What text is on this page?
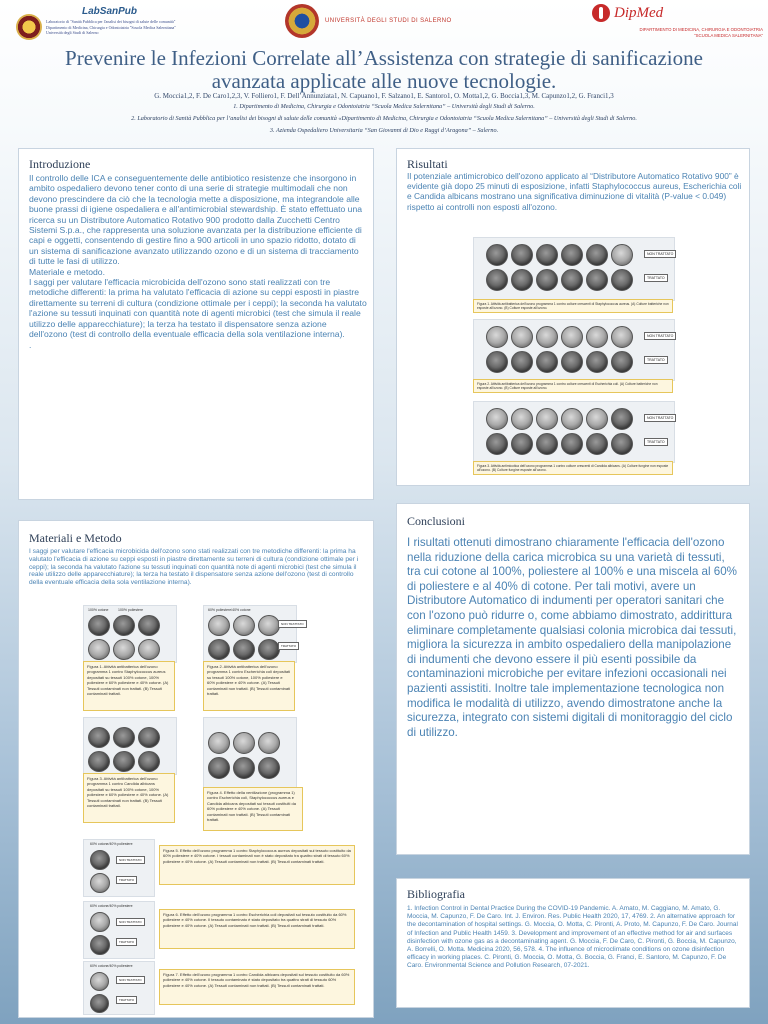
LabSanPub
Laboratorio di "Sanità Pubblica per l'analisi dei bisogni di salute delle comunità"
Dipartimento di Medicina, Chirurgia e Odontoiatria "Scuola Medica Salernitana"
Università degli Studi di Salerno
UNIVERSITÀ DEGLI STUDI DI SALERNO	DipMed
DIPARTIMENTO DI MEDICINA, CHIRURGIA E ODONTOIATRIA
"SCUOLA MEDICA SALERNITANA"
Prevenire le Infezioni Correlate all’Assistenza con strategie di sanificazione avanzata applicate alle nuove tecnologie.
G. Moccia1,2, F. De Caro1,2,3, V. Folliero1, F. Dell’Annunziata1, N. Capuano1, F. Salzano1, E. Santoro1, O. Motta1,2, G. Boccia1,3, M. Capunzo1,2, G. Franci1,3
1. Dipartimento di Medicina, Chirurgia e Odontoiatria “Scuola Medica Salernitana” – Università degli Studi di Salerno.
2. Laboratorio di Sanità Pubblica per l’analisi dei bisogni di salute delle comunità «Dipartimento di Medicina, Chirurgia e Odontoiatria “Scuola Medica Salernitana” – Università degli Studi di Salerno.
3. Azienda Ospedaliero Universitaria “San Giovanni di Dio e Ruggi d’Aragona” – Salerno.
Introduzione
Il controllo delle ICA e conseguentemente delle antibiotico resistenze che insorgono in ambito ospedaliero devono tener conto di una serie di strategie multimodali che non devono prescindere da ciò che la tecnologia mette a disposizione, ma integrandole alle buone prassi di igiene ospedaliera e all'antimicrobial stewardship. È stato effettuato una ricerca su un Distributore Automatico Rotativo 900 prodotto dalla Zucchetti Centro Sistemi S.p.a., che rappresenta una soluzione avanzata per la distribuzione efficiente di capi e oggetti, consentendo di gestire fino a 900 articoli in uno spazio ridotto, dotato di un sistema di sanificazione avanzato utilizzando ozono e di un sistema di tracciamento di tutte le fasi di utilizzo.
Materiale e metodo.
I saggi per valutare l'efficacia microbicida dell'ozono sono stati realizzati con tre metodiche differenti: la prima ha valutato l'efficacia di azione su ceppi esposti in piastre direttamente su terreni di cultura (condizione ottimale per i ceppi); la seconda ha valutato l'azione su tessuti inquinati con quantità note di agenti microbici (test che simula il reale utilizzo delle apparecchiature); la terza ha testato il dispensatore senza azione dell'ozono (test di controllo della eventuale efficacia della sola ventilazione interna).
.
Risultati
Il potenziale antimicrobico dell'ozono applicato al “Distributore Automatico Rotativo 900” è evidente già dopo 25 minuti di esposizione, infatti Staphylococcus aureus, Escherichia coli e Candida albicans mostrano una significativa diminuzione di vitalità (P-value < 0.049) rispetto ai controlli non esposti all'ozono.
NON TRATTATO
TRATTATO
Figura 1. Attività antibatterica dell'ozono programma 1 contro colture crescenti di Staphylococcus aureus. (A) Colture batteriche non esposte all'ozono. (B) Colture esposte all'ozono.
NON TRATTATO
TRATTATO
Figura 2. Attività antibatterica dell'ozono programma 1 contro colture crescenti di Escherichia coli. (A) Colture batteriche non esposte all'ozono. (B) Colture esposte all'ozono.
NON TRATTATO
TRATTATO
Figura 3. Attività antimicotica dell'ozono programma 1 contro colture crescenti di Candida albicans. (A) Colture fungine non esposte all'ozono. (B) Colture fungine esposte all'ozono.
Materiali e Metodo
I saggi per valutare l'efficacia microbicida dell'ozono sono stati realizzati con tre metodiche differenti: la prima ha valutato l'efficacia di azione su ceppi esposti in piastre direttamente su terreni di cultura (condizione ottimale per i ceppi); la seconda ha valutato l'azione su tessuti inquinati con quantità note di agenti microbici (test che simula il reale utilizzo delle apparecchiature); la terza ha testato il dispensatore senza azione dell'ozono (test di controllo della eventuale efficacia della sola ventilazione interna).
100% cotone	100% poliestere
Figura 1. Attività antibatterica dell'ozono programma 1 contro Staphylococcus aureus depositati su tessuti 100% cotone, 100% poliestere e 60% poliestere e 40% cotone. (A) Tessuti contaminati non trattati. (B) Tessuti contaminati trattati.
60% poliestere/40% cotone
NON TRATTATO
TRATTATO
Figura 2. Attività antibatterica dell'ozono programma 1 contro Escherichia coli depositati su tessuti 100% cotone, 100% poliestere e 60% poliestere e 40% cotone. (A) Tessuti contaminati non trattati. (B) Tessuti contaminati trattati.
Figura 3. Attività antibatterica dell'ozono programma 1 contro Candida albicans depositati su tessuti 100% cotone, 100% poliestere e 60% poliestere e 40% cotone. (A) Tessuti contaminati non trattati. (B) Tessuti contaminati trattati.
Figura 4. Effetto della ventilazione (programma 1) contro Escherichia coli, Staphylococcus aureus e Candida albicans depositati sui tessuti costituiti da 60% poliestere e 40% cotone. (A) Tessuti contaminati non trattati. (B) Tessuti contaminati trattati.
60% cotone/40% poliestere
NON TRATTATO
TRATTATO
Figura 5. Effetto dell'ozono programma 1 contro Staphylococcus aureus depositati sul tessuto costituito da 60% poliestere e 40% cotone. I tessuti contaminati non è stato depositato tra quattro strati di tessuto 60% poliestere e 40% cotone. (A) Tessuti contaminati non trattati. (B) Tessuti contaminati trattati.
60% cotone/40% poliestere
NON TRATTATO
TRATTATO
Figura 6. Effetto dell'ozono programma 1 contro Escherichia coli depositati sul tessuto costituito da 60% poliestere e 40% cotone. Il tessuto contaminato è stato depositato tra quattro strati di tessuto 60% poliestere e 40% cotone. (A) Tessuti contaminati non trattati. (B) Tessuti contaminati trattati.
60% cotone/40% poliestere
NON TRATTATO
TRATTATO
Figura 7. Effetto dell'ozono programma 1 contro Candida albicans depositati sul tessuto costituito da 60% poliestere e 40% cotone. Il tessuto contaminato è stato depositato tra quattro strati di tessuto 60% poliestere e 40% cotone. (A) Tessuti contaminati non trattati. (B) Tessuti contaminati trattati.
Conclusioni
I risultati ottenuti dimostrano chiaramente l'efficacia dell'ozono nella riduzione della carica microbica su una varietà di tessuti, tra cui cotone al 100%, poliestere al 100% e una miscela al 60% di poliestere e al 40% di cotone. Per tali motivi, avere un Distributore Automatico di indumenti per operatori sanitari che con l'ozono può ridurre o, come abbiamo dimostrato, addirittura eliminare completamente qualsiasi colonia microbica dai tessuti, migliora la sicurezza in ambito ospedaliero della manipolazione di indumenti che devono essere il più esenti possibile da contaminazioni microbiche per evitare infezioni occasionali nei pazienti assistiti. Inoltre tale implementazione tecnologica non modifica le modalità di utilizzo, avendo dimostratone anche la sicurezza, integrato con sistemi digitali di monitoraggio del ciclo di utilizzo.
Bibliografia
1. Infection Control in Dental Practice During the COVID-19 Pandemic. A. Amato, M. Caggiano, M. Amato, G. Moccia, M. Capunzo, F. De Caro. Int. J. Environ. Res. Public Health 2020, 17, 4769. 2. An alternative approach for the decontamination of hospital settings. G. Moccia, O. Motta, C. Pironti, A. Proto, M. Capunzo, F. De Caro. Journal of Infection and Public Health 1459. 3. Development and improvement of an effective method for air and surfaces disinfection with ozone gas as a decontaminating agent. G. Moccia, F. De Caro, C. Pironti, G. Boccia, M. Capunzo, A. Borrelli, O. Motta. Medicina 2020, 56, 578. 4. The influence of microclimate conditions on ozone disinfection efficacy in working places. C. Pironti, G. Moccia, O. Motta, G. Boccia, G. Franci, E. Santoro, M. Capunzo, F. De Caro. Environmental Science and Pollution Research, 07-2021.
